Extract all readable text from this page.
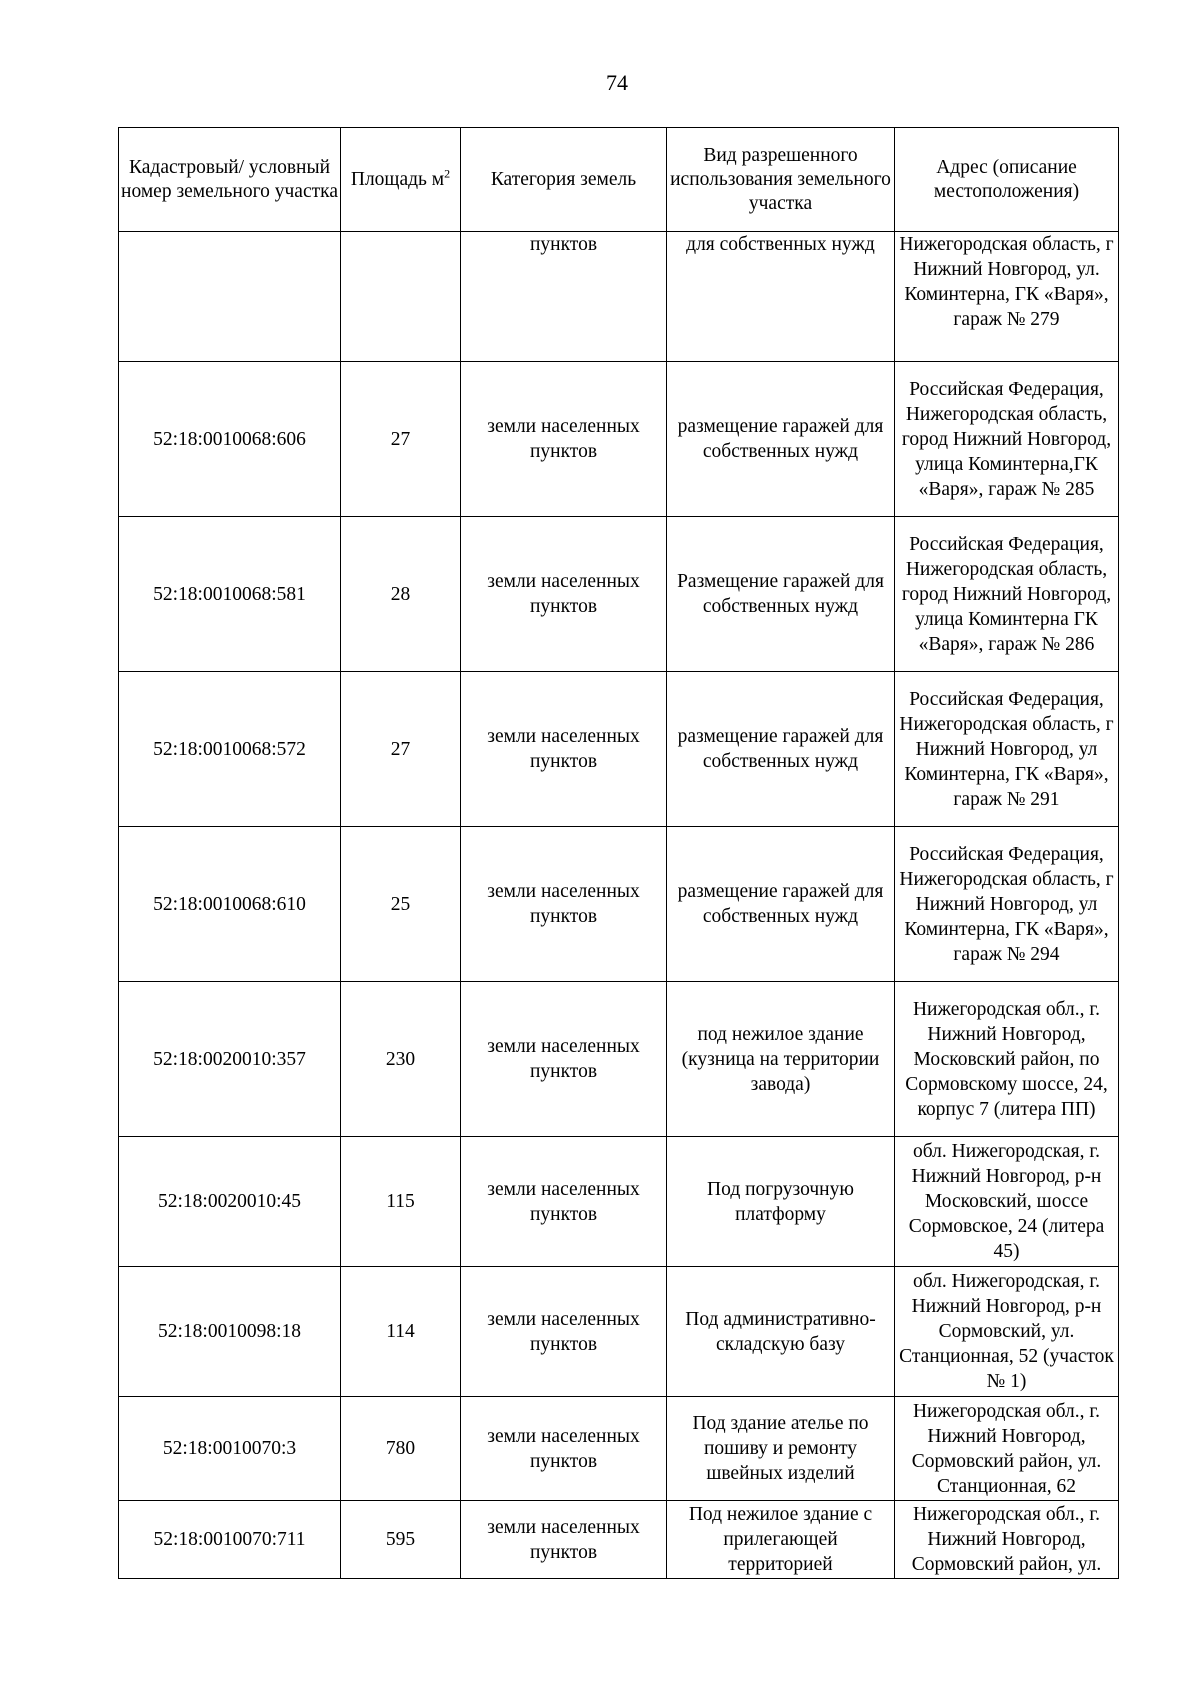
74
Кадастровый/ условный номер земельного участка	Площадь $м^2$	Категория земель	Вид разрешенного использования земельного участка	Адрес (описание местоположения)
		пунктов	для собственных нужд	Нижегородская область, г Нижний Новгород, ул. Коминтерна, ГК «Варя», гараж № 279
52:18:0010068:606	27	земли населенных пунктов	размещение гаражей для собственных нужд	Российская Федерация, Нижегородская область, город Нижний Новгород, улица Коминтерна,ГК «Варя», гараж № 285
52:18:0010068:581	28	земли населенных пунктов	Размещение гаражей для собственных нужд	Российская Федерация, Нижегородская область, город Нижний Новгород, улица Коминтерна ГК «Варя», гараж № 286
52:18:0010068:572	27	земли населенных пунктов	размещение гаражей для собственных нужд	Российская Федерация, Нижегородская область, г Нижний Новгород, ул Коминтерна, ГК «Варя», гараж № 291
52:18:0010068:610	25	земли населенных пунктов	размещение гаражей для собственных нужд	Российская Федерация, Нижегородская область, г Нижний Новгород, ул Коминтерна, ГК «Варя», гараж № 294
52:18:0020010:357	230	земли населенных пунктов	под нежилое здание (кузница на территории завода)	Нижегородская обл., г. Нижний Новгород, Московский район, по Сормовскому шоссе, 24, корпус 7 (литера ПП)
52:18:0020010:45	115	земли населенных пунктов	Под погрузочную платформу	обл. Нижегородская, г. Нижний Новгород, р-н Московский, шоссе Сормовское, 24 (литера 45)
52:18:0010098:18	114	земли населенных пунктов	Под административно-складскую базу	обл. Нижегородская, г. Нижний Новгород, р-н Сормовский, ул. Станционная, 52 (участок № 1)
52:18:0010070:3	780	земли населенных пунктов	Под здание ателье по пошиву и ремонту швейных изделий	Нижегородская обл., г. Нижний Новгород, Сормовский район, ул. Станционная, 62
52:18:0010070:711	595	земли населенных пунктов	Под нежилое здание с прилегающей территорией	Нижегородская обл., г. Нижний Новгород, Сормовский район, ул.
